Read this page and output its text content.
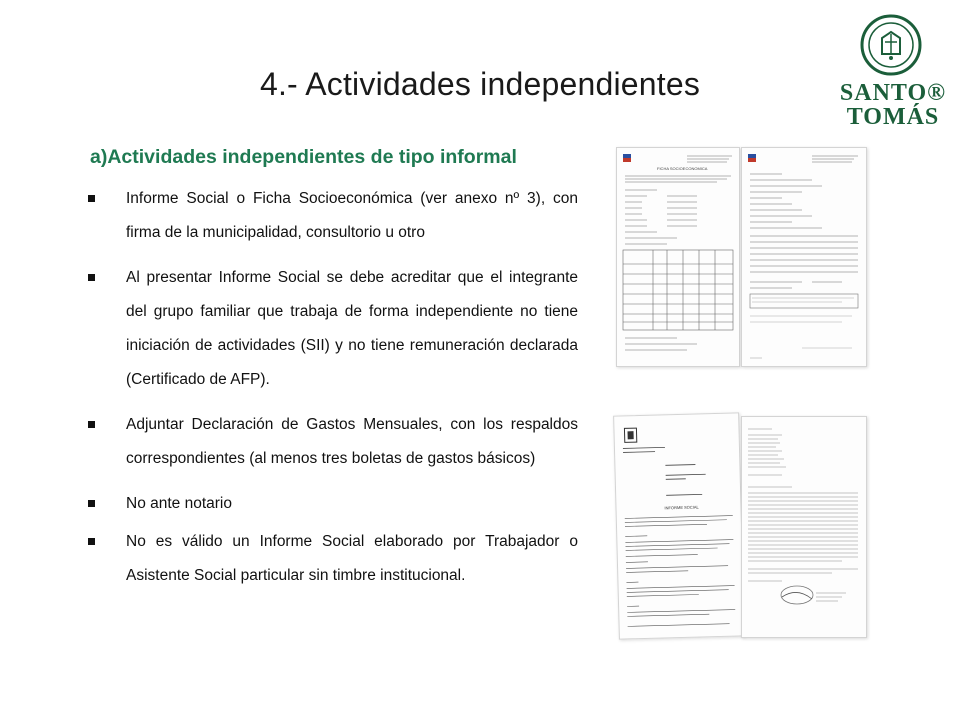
4.- Actividades independientes	SANTO®
TOMÁS
a)Actividades independientes de tipo informal
Informe Social o Ficha Socioeconómica (ver anexo nº 3), con firma de la municipalidad, consultorio u otro
Al presentar Informe Social se debe acreditar que el integrante del grupo familiar que trabaja de forma independiente no tiene iniciación de actividades (SII) y no tiene remuneración declarada (Certificado de AFP).
Adjuntar Declaración de Gastos Mensuales, con los respaldos correspondientes (al menos tres boletas de gastos básicos)
No ante notario
No es válido un Informe Social elaborado por Trabajador o Asistente Social particular sin timbre institucional.
FICHA SOCIOECONOMICA
INFORME SOCIAL
